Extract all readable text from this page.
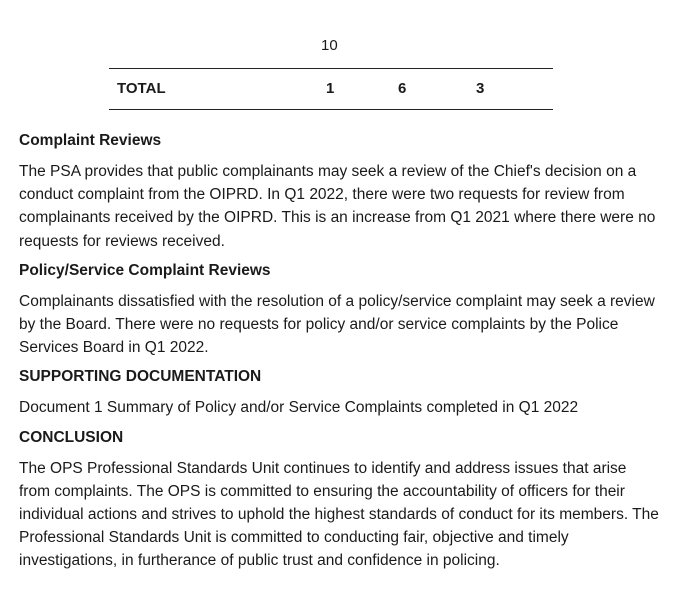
10
TOTAL	1	6	3
Complaint Reviews

The PSA provides that public complainants may seek a review of the Chief's decision on a conduct complaint from the OIPRD. In Q1 2022, there were two requests for review from complainants received by the OIPRD. This is an increase from Q1 2021 where there were no requests for reviews received.

Policy/Service Complaint Reviews

Complainants dissatisfied with the resolution of a policy/service complaint may seek a review by the Board. There were no requests for policy and/or service complaints by the Police Services Board in Q1 2022.

SUPPORTING DOCUMENTATION

Document 1 Summary of Policy and/or Service Complaints completed in Q1 2022

CONCLUSION

The OPS Professional Standards Unit continues to identify and address issues that arise from complaints. The OPS is committed to ensuring the accountability of officers for their individual actions and strives to uphold the highest standards of conduct for its members. The Professional Standards Unit is committed to conducting fair, objective and timely investigations, in furtherance of public trust and confidence in policing.
